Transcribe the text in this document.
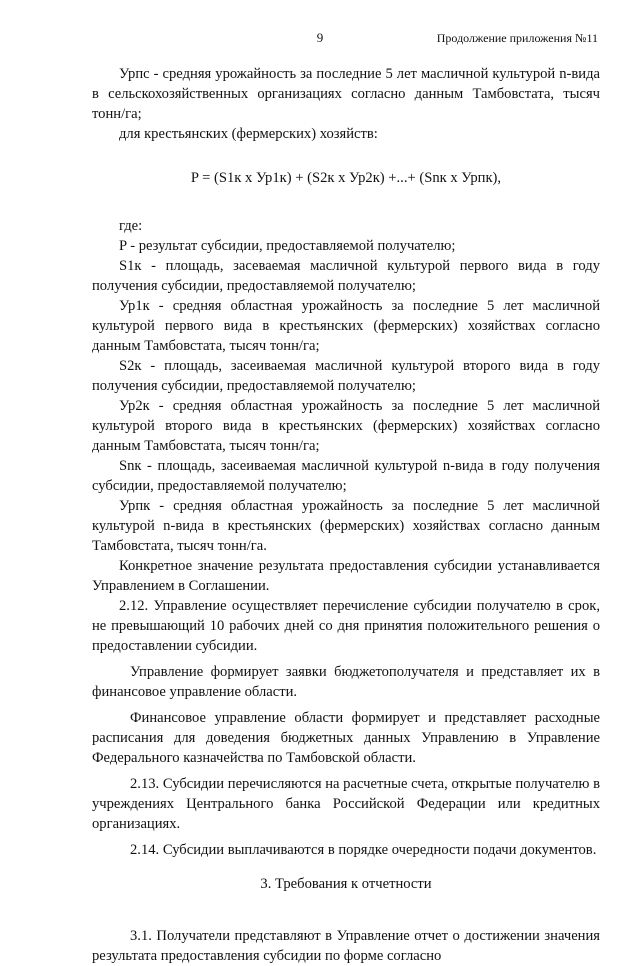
9	Продолжение приложения №11

Урпс - средняя урожайность за последние 5 лет масличной культурой n-вида в сельскохозяйственных организациях согласно данным Тамбовстата, тысяч тонн/га;

для крестьянских (фермерских) хозяйств:

P = (S1к x Ур1к) + (S2к x Ур2к) +...+ (Snк x Урпк),

где:

P - результат субсидии, предоставляемой получателю;

S1к - площадь, засеваемая масличной культурой первого вида в году получения субсидии, предоставляемой получателю;

Ур1к - средняя областная урожайность за последние 5 лет масличной культурой первого вида в крестьянских (фермерских) хозяйствах согласно данным Тамбовстата, тысяч тонн/га;

S2к - площадь, засеиваемая масличной культурой второго вида в году получения субсидии, предоставляемой получателю;

Ур2к - средняя областная урожайность за последние 5 лет масличной культурой второго вида в крестьянских (фермерских) хозяйствах согласно данным Тамбовстата, тысяч тонн/га;

Snк - площадь, засеиваемая масличной культурой n-вида в году получения субсидии, предоставляемой получателю;

Урпк - средняя областная урожайность за последние 5 лет масличной культурой n-вида в крестьянских (фермерских) хозяйствах согласно данным Тамбовстата, тысяч тонн/га.

Конкретное значение результата предоставления субсидии устанавливается Управлением в Соглашении.

2.12. Управление осуществляет перечисление субсидии получателю в срок, не превышающий 10 рабочих дней со дня принятия положительного решения о предоставлении субсидии.

Управление формирует заявки бюджетополучателя и представляет их в финансовое управление области.

Финансовое управление области формирует и представляет расходные расписания для доведения бюджетных данных Управлению в Управление Федерального казначейства по Тамбовской области.

2.13. Субсидии перечисляются на расчетные счета, открытые получателю в учреждениях Центрального банка Российской Федерации или кредитных организациях.

2.14. Субсидии выплачиваются в порядке очередности подачи документов.

3. Требования к отчетности

3.1. Получатели представляют в Управление отчет о достижении значения результата предоставления субсидии по форме согласно
